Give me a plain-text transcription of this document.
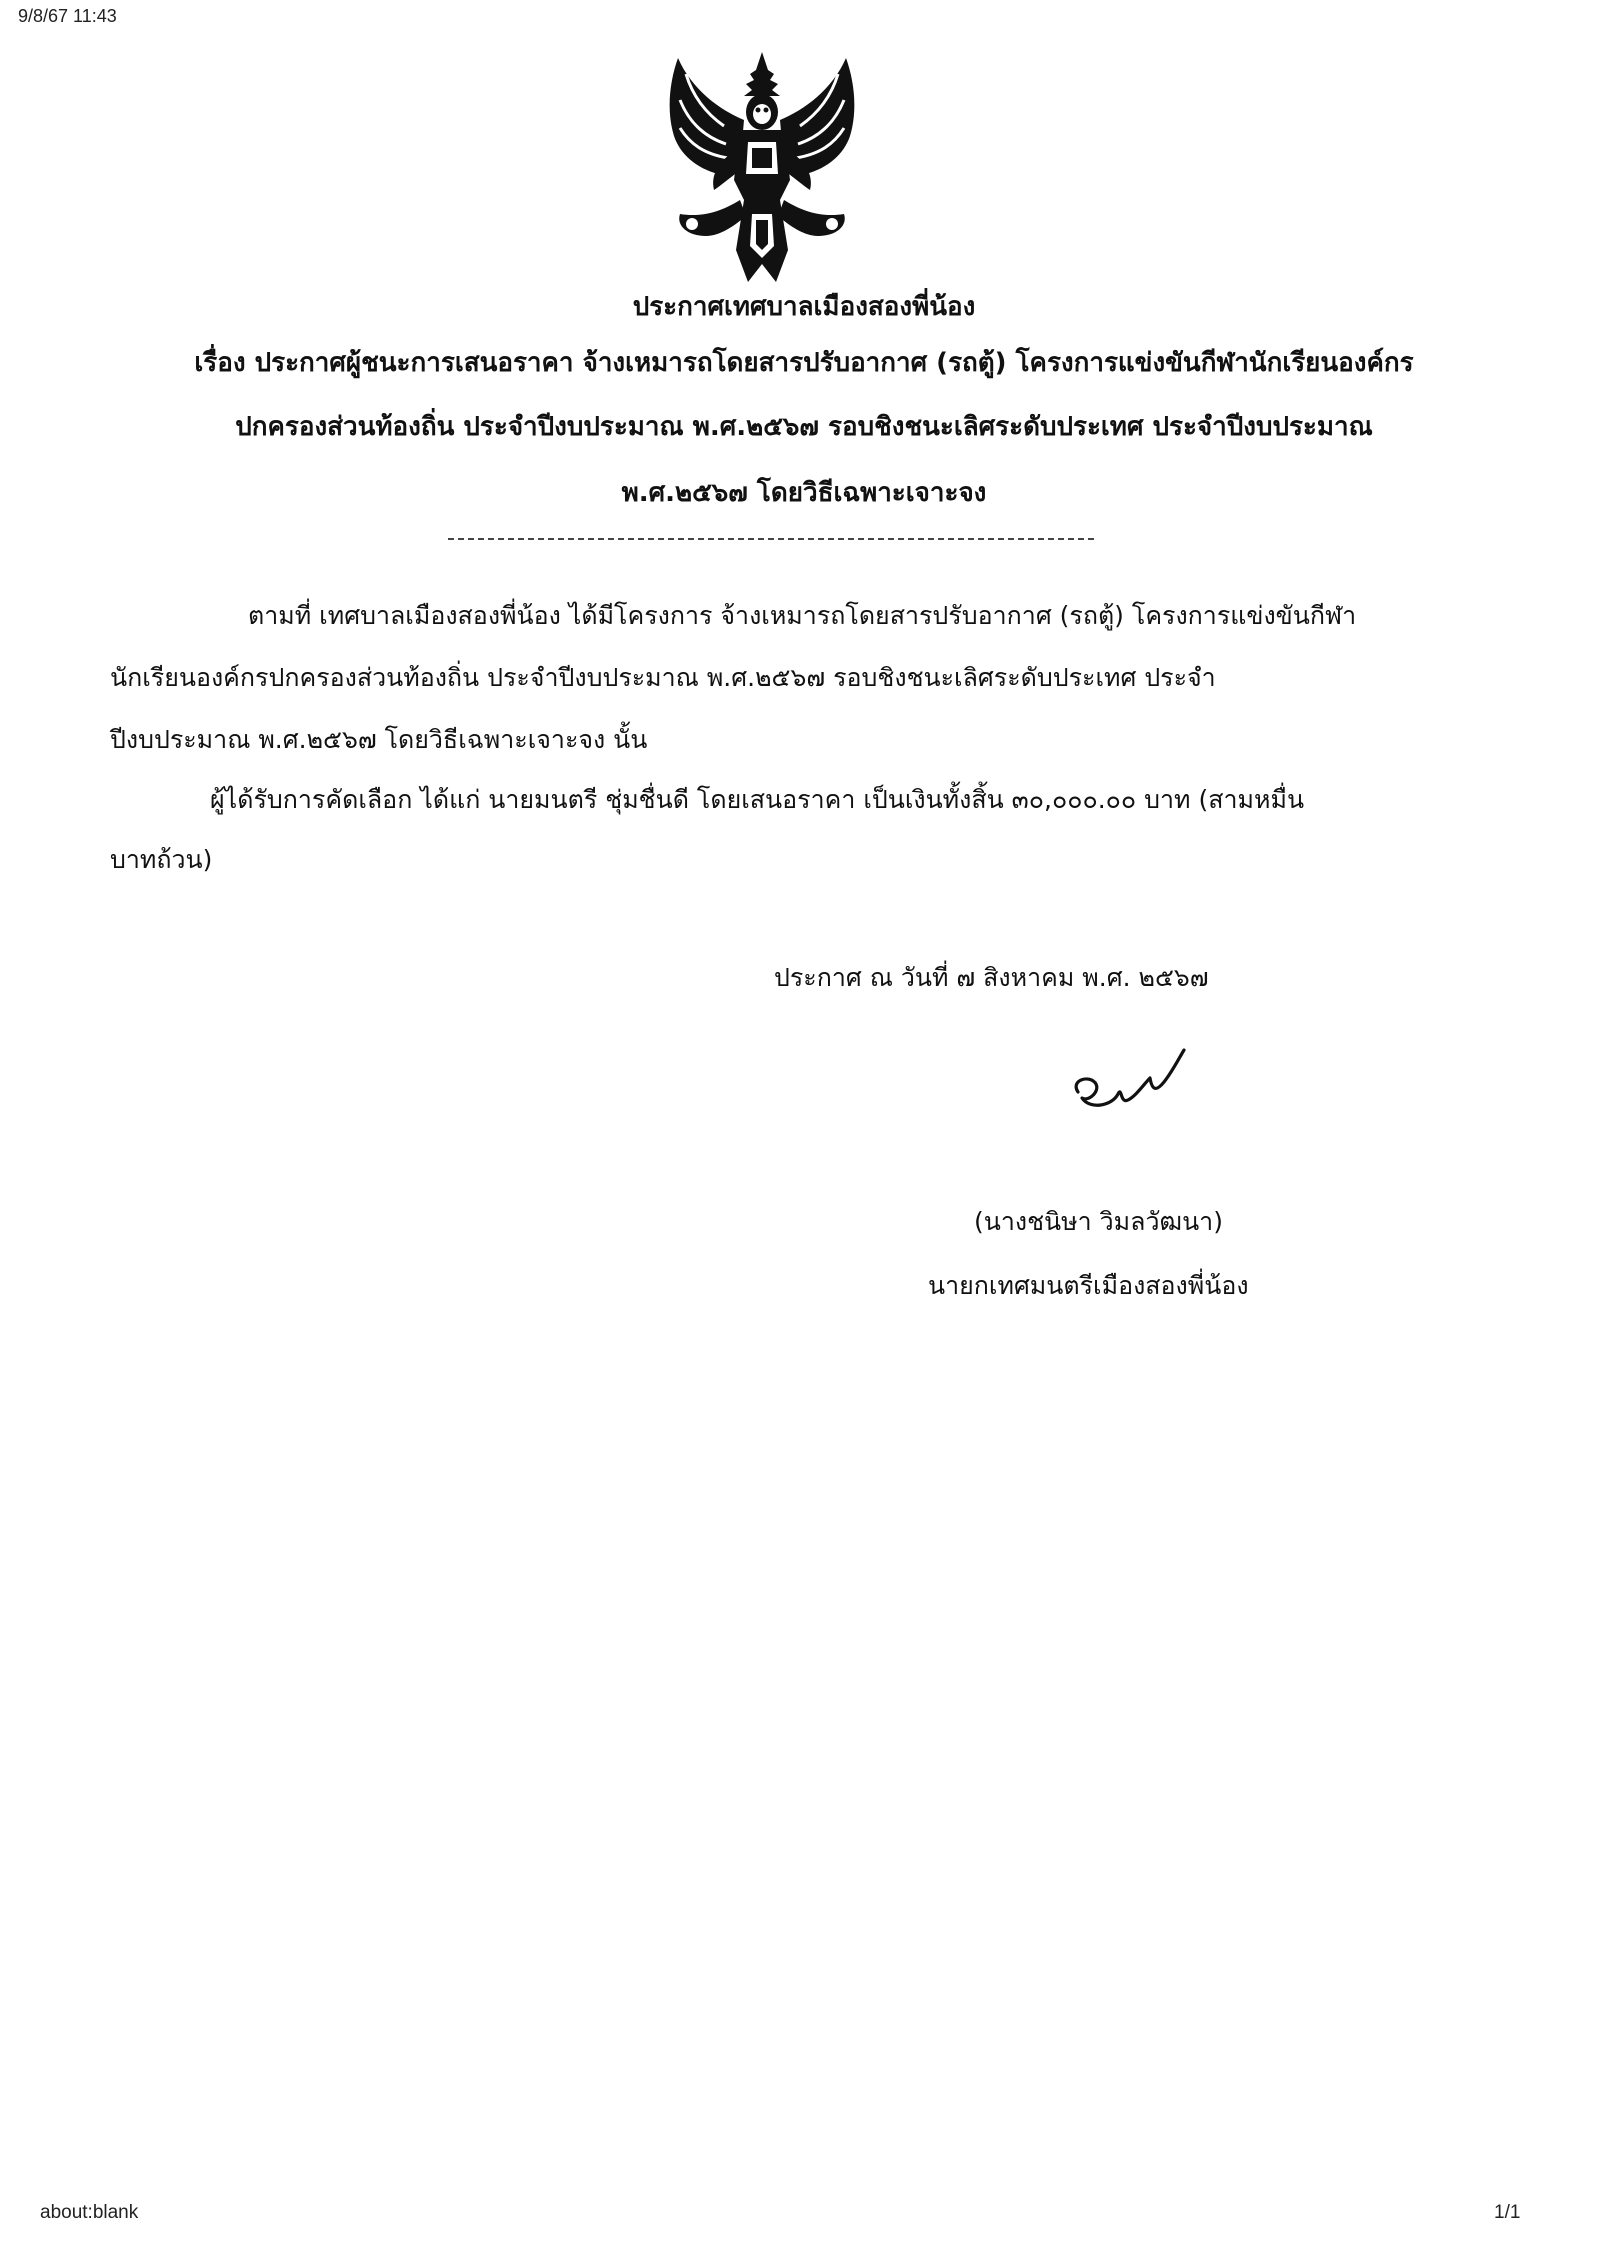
9/8/67 11:43
ประกาศเทศบาลเมืองสองพี่น้อง
เรื่อง ประกาศผู้ชนะการเสนอราคา จ้างเหมารถโดยสารปรับอากาศ (รถตู้) โครงการแข่งขันกีฬานักเรียนองค์กร
ปกครองส่วนท้องถิ่น ประจำปีงบประมาณ พ.ศ.๒๕๖๗ รอบชิงชนะเลิศระดับประเทศ ประจำปีงบประมาณ
พ.ศ.๒๕๖๗ โดยวิธีเฉพาะเจาะจง
ตามที่ เทศบาลเมืองสองพี่น้อง ได้มีโครงการ จ้างเหมารถโดยสารปรับอากาศ (รถตู้) โครงการแข่งขันกีฬา
นักเรียนองค์กรปกครองส่วนท้องถิ่น ประจำปีงบประมาณ พ.ศ.๒๕๖๗ รอบชิงชนะเลิศระดับประเทศ ประจำ
ปีงบประมาณ พ.ศ.๒๕๖๗ โดยวิธีเฉพาะเจาะจง นั้น
ผู้ได้รับการคัดเลือก ได้แก่ นายมนตรี ชุ่มชื่นดี โดยเสนอราคา เป็นเงินทั้งสิ้น ๓๐,๐๐๐.๐๐ บาท (สามหมื่น
บาทถ้วน)
ประกาศ ณ วันที่ ๗ สิงหาคม พ.ศ. ๒๕๖๗
(นางชนิษา วิมลวัฒนา)
นายกเทศมนตรีเมืองสองพี่น้อง
about:blank	1/1
